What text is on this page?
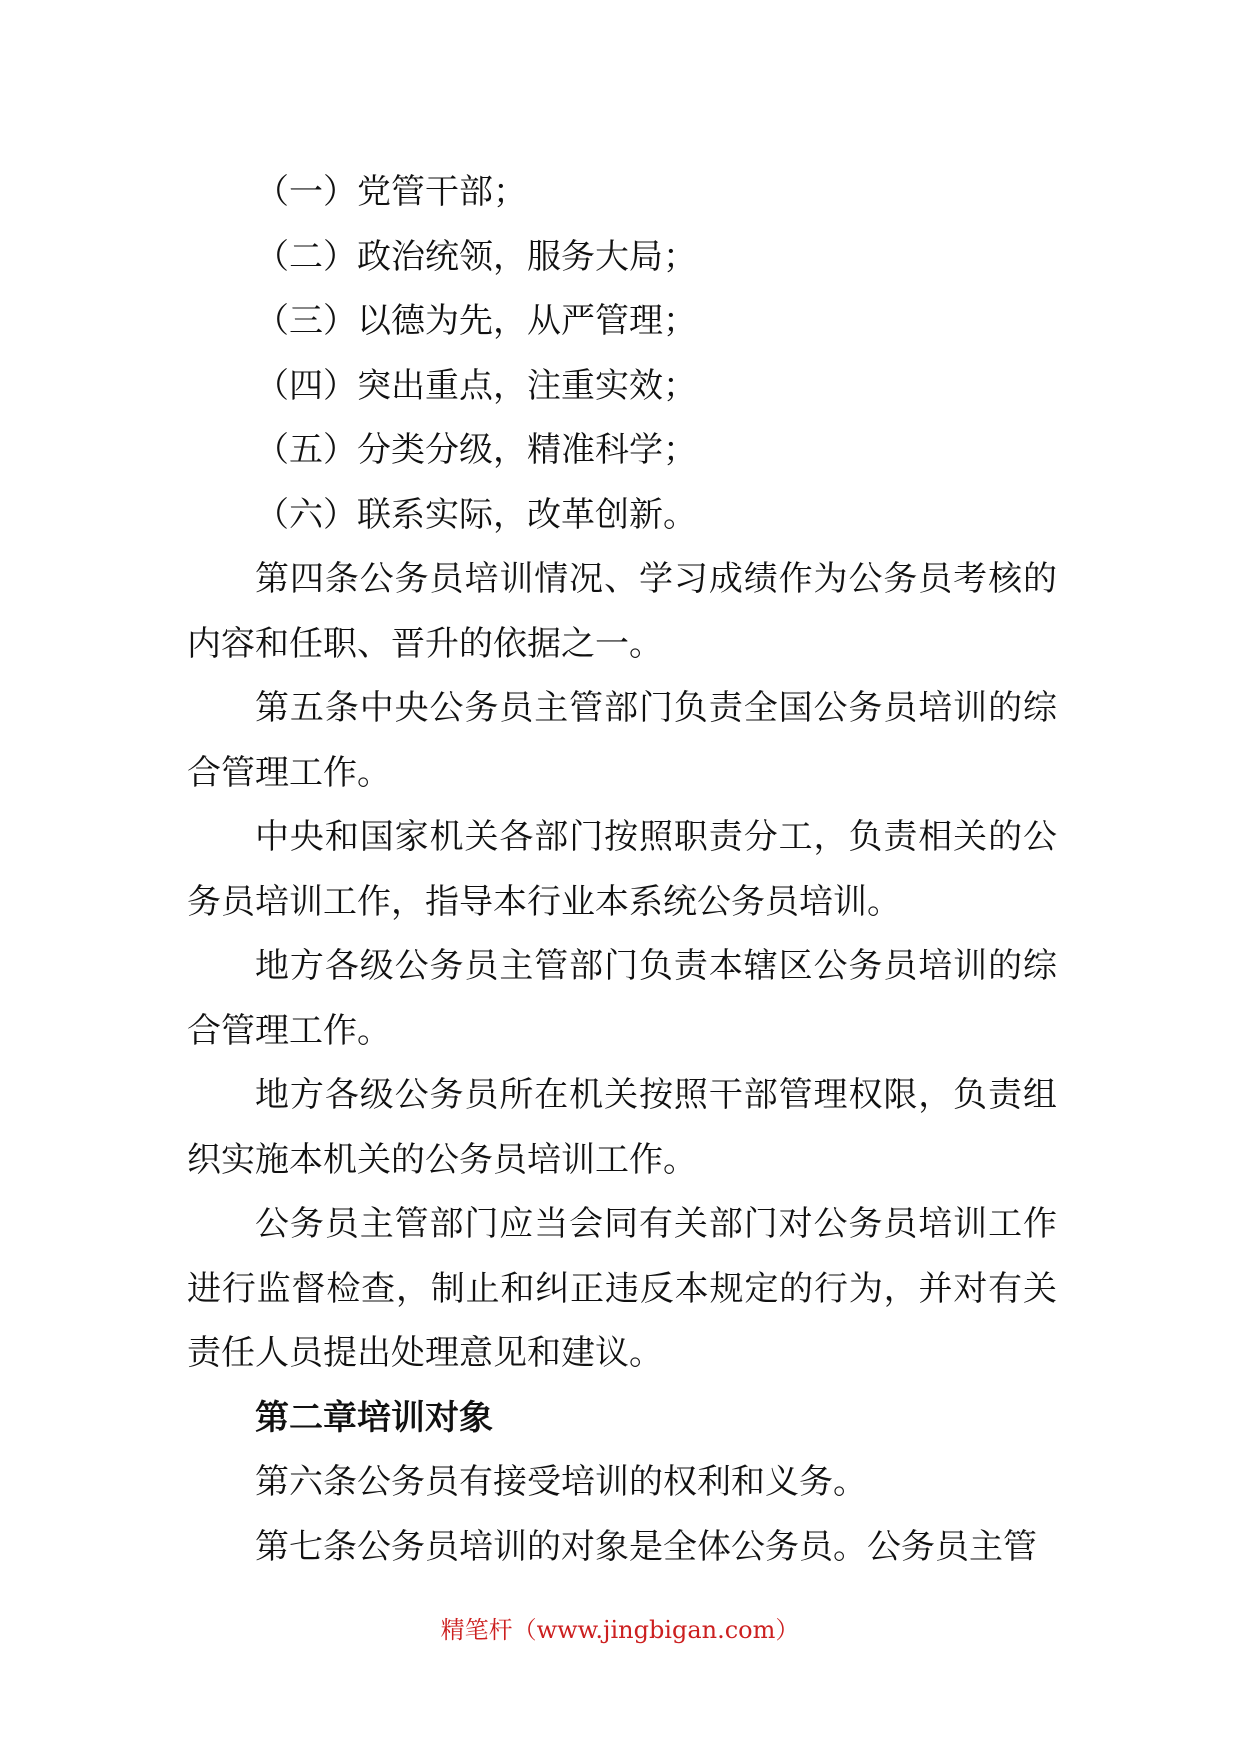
（一）党管干部；

（二）政治统领，服务大局；

（三）以德为先，从严管理；

（四）突出重点，注重实效；

（五）分类分级，精准科学；

（六）联系实际，改革创新。

第四条公务员培训情况、学习成绩作为公务员考核的内容和任职、晋升的依据之一。

第五条中央公务员主管部门负责全国公务员培训的综合管理工作。

中央和国家机关各部门按照职责分工，负责相关的公务员培训工作，指导本行业本系统公务员培训。

地方各级公务员主管部门负责本辖区公务员培训的综合管理工作。

地方各级公务员所在机关按照干部管理权限，负责组织实施本机关的公务员培训工作。

公务员主管部门应当会同有关部门对公务员培训工作进行监督检查，制止和纠正违反本规定的行为，并对有关责任人员提出处理意见和建议。

第二章培训对象

第六条公务员有接受培训的权利和义务。

第七条公务员培训的对象是全体公务员。公务员主管

精笔杆（www.jingbigan.com）
